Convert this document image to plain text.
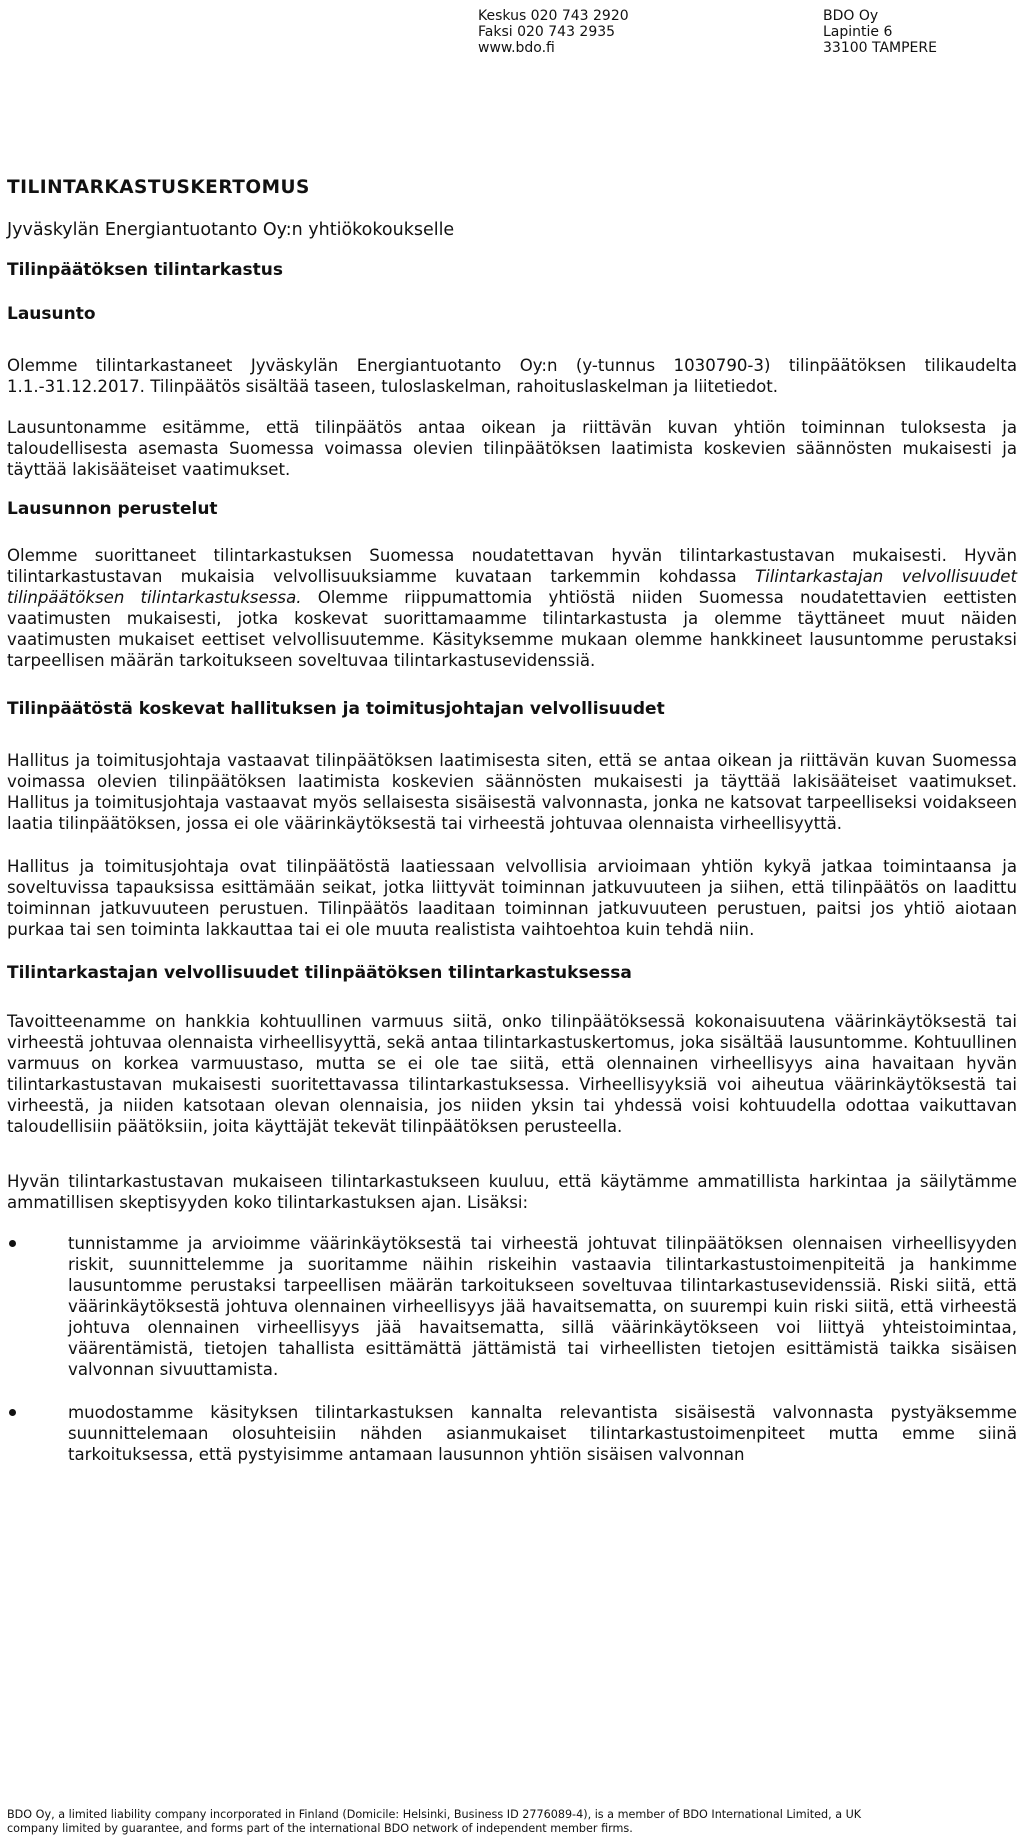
Keskus 020 743 2920
Faksi 020 743 2935
www.bdo.fi
BDO Oy
Lapintie 6
33100 TAMPERE
TILINTARKASTUSKERTOMUS

Jyväskylän Energiantuotanto Oy:n yhtiökokoukselle

Tilinpäätöksen tilintarkastus
Lausunto

Olemme tilintarkastaneet Jyväskylän Energiantuotanto Oy:n (y-tunnus 1030790-3) tilinpäätöksen tilikaudelta 1.1.-31.12.2017. Tilinpäätös sisältää taseen, tuloslaskelman, rahoituslaskelman ja liitetiedot.

Lausuntonamme esitämme, että tilinpäätös antaa oikean ja riittävän kuvan yhtiön toiminnan tuloksesta ja taloudellisesta asemasta Suomessa voimassa olevien tilinpäätöksen laatimista koskevien säännösten mukaisesti ja täyttää lakisääteiset vaatimukset.

Lausunnon perustelut

Olemme suorittaneet tilintarkastuksen Suomessa noudatettavan hyvän tilintarkastustavan mukaisesti. Hyvän tilintarkastustavan mukaisia velvollisuuksiamme kuvataan tarkemmin kohdassa Tilintarkastajan velvollisuudet tilinpäätöksen tilintarkastuksessa. Olemme riippumattomia yhtiöstä niiden Suomessa noudatettavien eettisten vaatimusten mukaisesti, jotka koskevat suorittamaamme tilintarkastusta ja olemme täyttäneet muut näiden vaatimusten mukaiset eettiset velvollisuutemme. Käsityksemme mukaan olemme hankkineet lausuntomme perustaksi tarpeellisen määrän tarkoitukseen soveltuvaa tilintarkastusevidenssiä.

Tilinpäätöstä koskevat hallituksen ja toimitusjohtajan velvollisuudet

Hallitus ja toimitusjohtaja vastaavat tilinpäätöksen laatimisesta siten, että se antaa oikean ja riittävän kuvan Suomessa voimassa olevien tilinpäätöksen laatimista koskevien säännösten mukaisesti ja täyttää lakisääteiset vaatimukset. Hallitus ja toimitusjohtaja vastaavat myös sellaisesta sisäisestä valvonnasta, jonka ne katsovat tarpeelliseksi voidakseen laatia tilinpäätöksen, jossa ei ole väärinkäytöksestä tai virheestä johtuvaa olennaista virheellisyyttä.

Hallitus ja toimitusjohtaja ovat tilinpäätöstä laatiessaan velvollisia arvioimaan yhtiön kykyä jatkaa toimintaansa ja soveltuvissa tapauksissa esittämään seikat, jotka liittyvät toiminnan jatkuvuuteen ja siihen, että tilinpäätös on laadittu toiminnan jatkuvuuteen perustuen. Tilinpäätös laaditaan toiminnan jatkuvuuteen perustuen, paitsi jos yhtiö aiotaan purkaa tai sen toiminta lakkauttaa tai ei ole muuta realistista vaihtoehtoa kuin tehdä niin.

Tilintarkastajan velvollisuudet tilinpäätöksen tilintarkastuksessa

Tavoitteenamme on hankkia kohtuullinen varmuus siitä, onko tilinpäätöksessä kokonaisuutena väärinkäytöksestä tai virheestä johtuvaa olennaista virheellisyyttä, sekä antaa tilintarkastuskertomus, joka sisältää lausuntomme. Kohtuullinen varmuus on korkea varmuustaso, mutta se ei ole tae siitä, että olennainen virheellisyys aina havaitaan hyvän tilintarkastustavan mukaisesti suoritettavassa tilintarkastuksessa. Virheellisyyksiä voi aiheutua väärinkäytöksestä tai virheestä, ja niiden katsotaan olevan olennaisia, jos niiden yksin tai yhdessä voisi kohtuudella odottaa vaikuttavan taloudellisiin päätöksiin, joita käyttäjät tekevät tilinpäätöksen perusteella.

Hyvän tilintarkastustavan mukaiseen tilintarkastukseen kuuluu, että käytämme ammatillista harkintaa ja säilytämme ammatillisen skeptisyyden koko tilintarkastuksen ajan. Lisäksi:

tunnistamme ja arvioimme väärinkäytöksestä tai virheestä johtuvat tilinpäätöksen olennaisen virheellisyyden riskit, suunnittelemme ja suoritamme näihin riskeihin vastaavia tilintarkastustoimenpiteitä ja hankimme lausuntomme perustaksi tarpeellisen määrän tarkoitukseen soveltuvaa tilintarkastusevidenssiä. Riski siitä, että väärinkäytöksestä johtuva olennainen virheellisyys jää havaitsematta, on suurempi kuin riski siitä, että virheestä johtuva olennainen virheellisyys jää havaitsematta, sillä väärinkäytökseen voi liittyä yhteistoimintaa, väärentämistä, tietojen tahallista esittämättä jättämistä tai virheellisten tietojen esittämistä taikka sisäisen valvonnan sivuuttamista.
muodostamme käsityksen tilintarkastuksen kannalta relevantista sisäisestä valvonnasta pystyäksemme suunnittelemaan olosuhteisiin nähden asianmukaiset tilintarkastustoimenpiteet mutta emme siinä tarkoituksessa, että pystyisimme antamaan lausunnon yhtiön sisäisen valvonnan

BDO Oy, a limited liability company incorporated in Finland (Domicile: Helsinki, Business ID 2776089-4), is a member of BDO International Limited, a UK

company limited by guarantee, and forms part of the international BDO network of independent member firms.
